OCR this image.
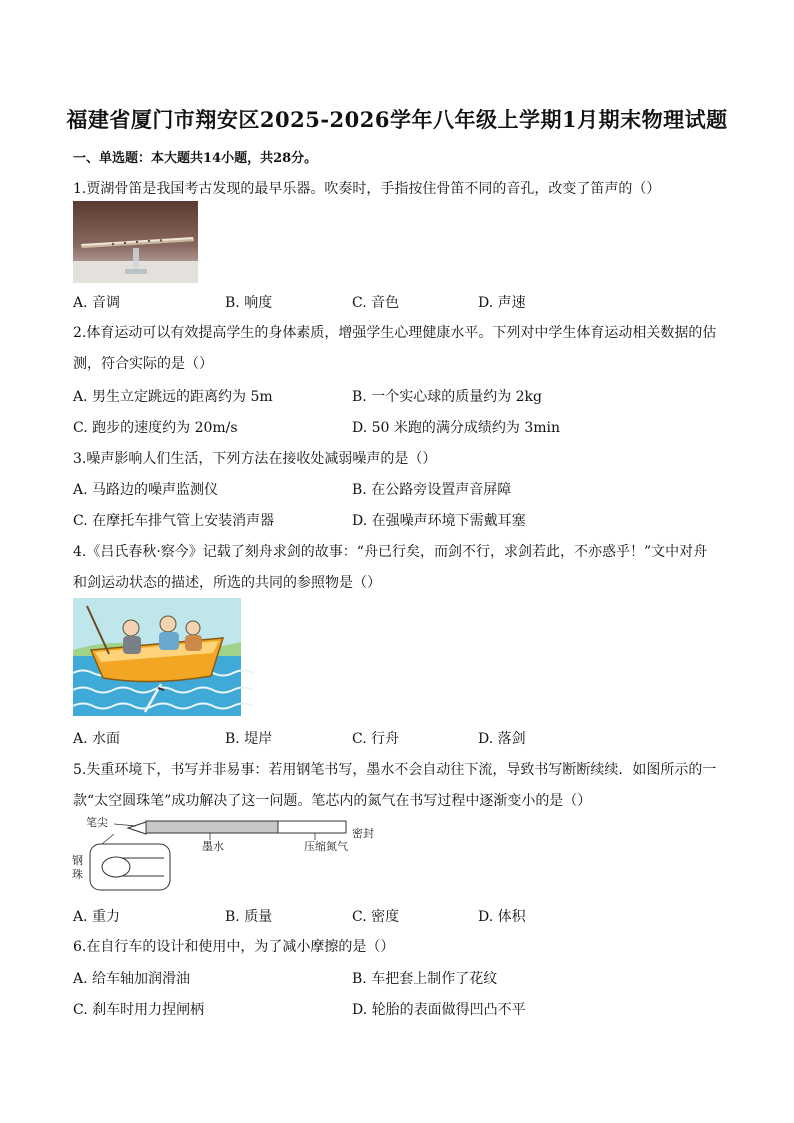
福建省厦门市翔安区2025-2026学年八年级上学期1月期末物理试题
一、单选题：本大题共14小题，共28分。
1.贾湖骨笛是我国考古发现的最早乐器。吹奏时，手指按住骨笛不同的音孔，改变了笛声的（）
A. 音调	B. 响度	C. 音色	D. 声速
2.体育运动可以有效提高学生的身体素质，增强学生心理健康水平。下列对中学生体育运动相关数据的估
测，符合实际的是（）
A. 男生立定跳远的距离约为 5m	B. 一个实心球的质量约为 2kg
C. 跑步的速度约为 20m/s	D. 50 米跑的满分成绩约为 3min
3.噪声影响人们生活，下列方法在接收处减弱噪声的是（）
A. 马路边的噪声监测仪	B. 在公路旁设置声音屏障
C. 在摩托车排气管上安装消声器	D. 在强噪声环境下需戴耳塞
4.《吕氏春秋·察今》记载了刻舟求剑的故事：“舟已行矣，而剑不行，求剑若此，不亦惑乎！”文中对舟
和剑运动状态的描述，所选的共同的参照物是（）
A. 水面	B. 堤岸	C. 行舟	D. 落剑
5.失重环境下，书写并非易事：若用钢笔书写，墨水不会自动往下流，导致书写断断续续．如图所示的一
款“太空圆珠笔”成功解决了这一问题。笔芯内的氮气在书写过程中逐渐变小的是（）
笔尖
密封
墨水	压缩氮气
钢
珠
A. 重力	B. 质量	C. 密度	D. 体积
6.在自行车的设计和使用中，为了减小摩擦的是（）
A. 给车轴加润滑油	B. 车把套上制作了花纹
C. 刹车时用力捏闸柄	D. 轮胎的表面做得凹凸不平
